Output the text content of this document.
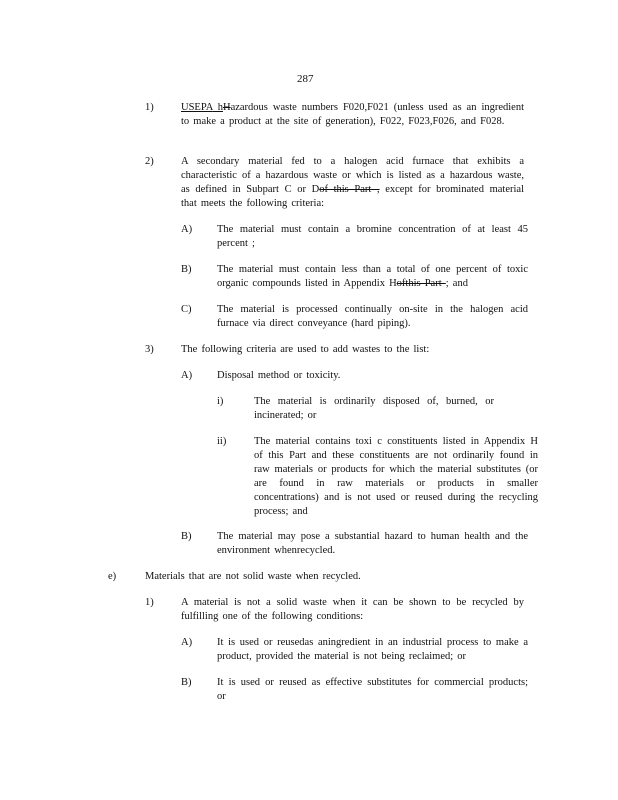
287
1)	USEPA hHazardous waste numbers F020,F021 (unless used as an ingredient to make a product at the site of generation), F022, F023,F026, and F028.
2)	A secondary material fed to a halogen acid furnace that exhibits a characteristic of a hazardous waste or which is listed as a hazardous waste, as defined in Subpart C or Dof this Part , except for brominated material that meets the following criteria:
A) The material must contain a bromine concentration of at least 45 percent ;
B) The material must contain less than a total of one percent of toxic organic compounds listed in Appendix Hofthis Part ; and
C) The material is processed continually on-site in the halogen acid furnace via direct conveyance (hard piping).
3)	The following criteria are used to add wastes to the list:
A) Disposal method or toxicity.
i)	The material is ordinarily disposed of, burned, or incinerated; or
ii)	The material contains toxi c constituents listed in Appendix H of this Part and these constituents are not ordinarily found in raw materials or products for which the material substitutes (or are found in raw materials or products in smaller concentrations) and is not used or reused during the recycling process; and
B) The material may pose a substantial hazard to human health and the environment whenrecycled.
e)	Materials that are not solid waste when recycled.
1)	A material is not a solid waste when it can be shown to be recycled by fulfilling one of the following conditions:
A) It is used or reusedas aningredient in an industrial process to make a product, provided the material is not being reclaimed; or
B) It is used or reused as effective substitutes for commercial products; or
